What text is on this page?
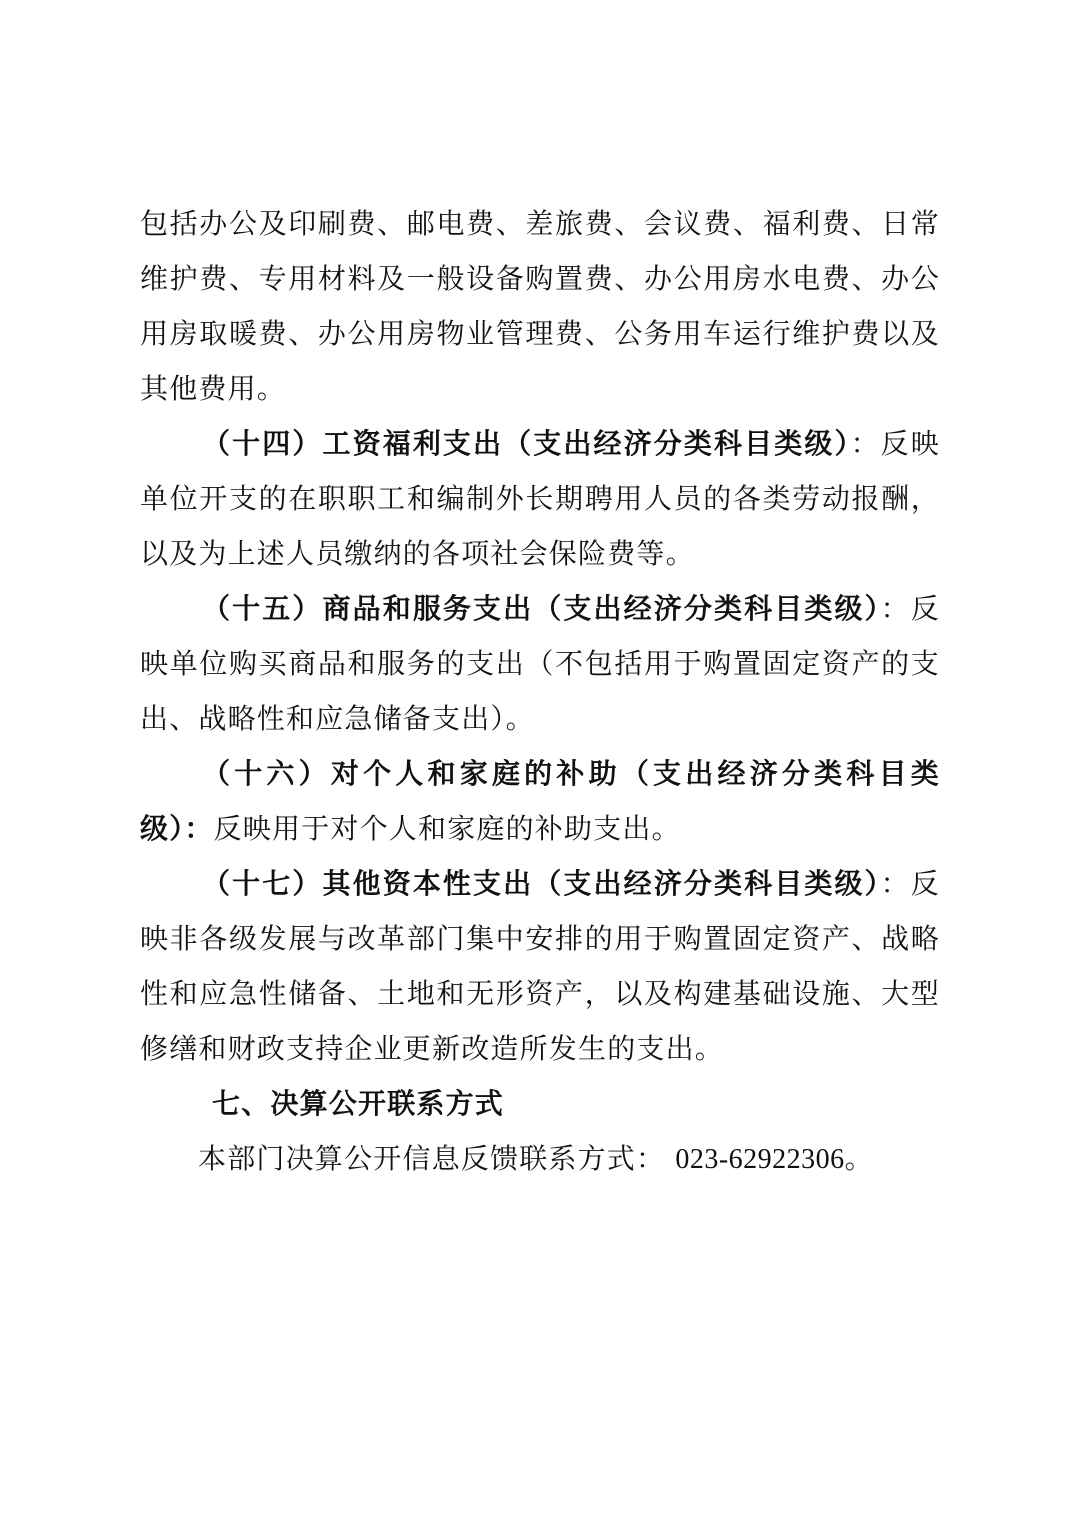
包括办公及印刷费、邮电费、差旅费、会议费、福利费、日常维护费、专用材料及一般设备购置费、办公用房水电费、办公用房取暖费、办公用房物业管理费、公务用车运行维护费以及其他费用。

（十四）工资福利支出（支出经济分类科目类级）：反映单位开支的在职职工和编制外长期聘用人员的各类劳动报酬，以及为上述人员缴纳的各项社会保险费等。

（十五）商品和服务支出（支出经济分类科目类级）：反映单位购买商品和服务的支出（不包括用于购置固定资产的支出、战略性和应急储备支出）。

（十六）对个人和家庭的补助（支出经济分类科目类级）：反映用于对个人和家庭的补助支出。

（十七）其他资本性支出（支出经济分类科目类级）：反映非各级发展与改革部门集中安排的用于购置固定资产、战略性和应急性储备、土地和无形资产，以及构建基础设施、大型修缮和财政支持企业更新改造所发生的支出。

七、决算公开联系方式

本部门决算公开信息反馈联系方式： 023-62922306。
